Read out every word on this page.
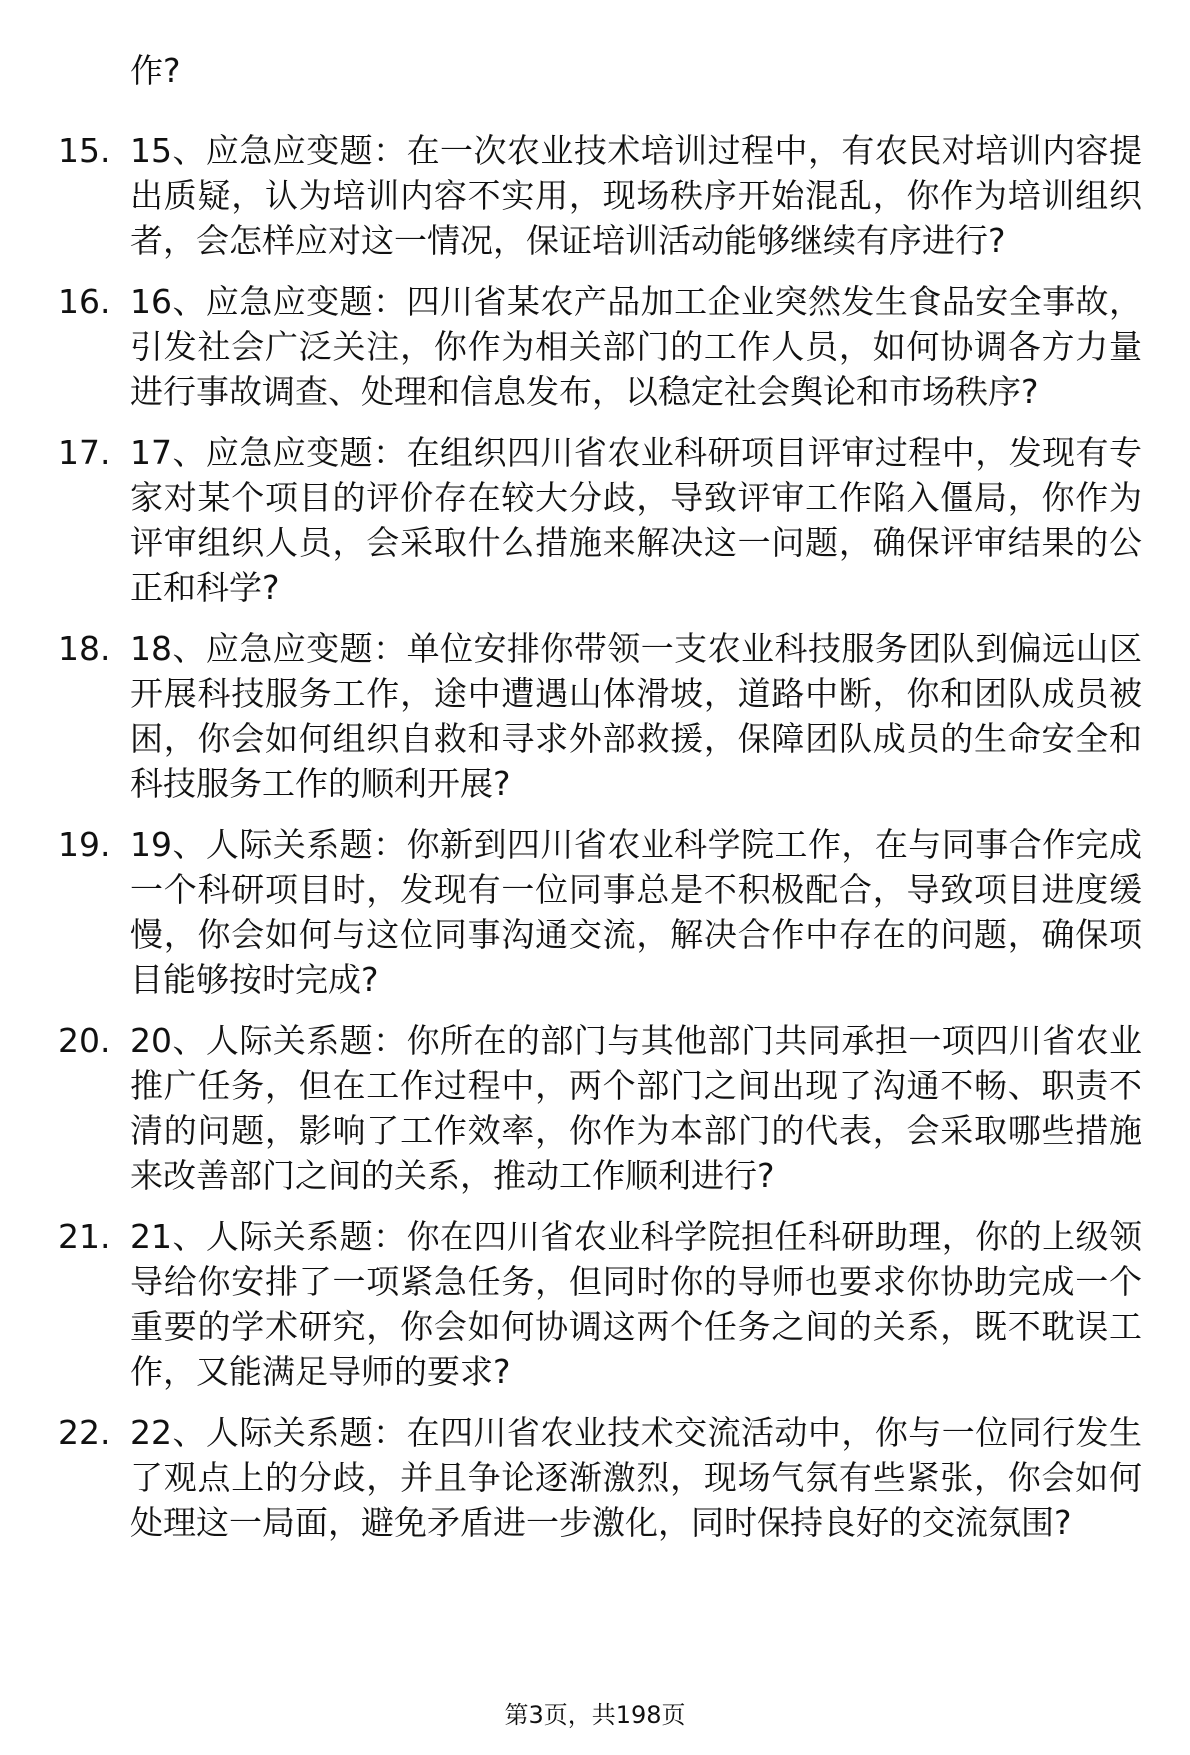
作?

15. 15、应急应变题：在一次农业技术培训过程中，有农民对培训内容提出质疑，认为培训内容不实用，现场秩序开始混乱，你作为培训组织者，会怎样应对这一情况，保证培训活动能够继续有序进行?

16. 16、应急应变题：四川省某农产品加工企业突然发生食品安全事故，引发社会广泛关注，你作为相关部门的工作人员，如何协调各方力量进行事故调查、处理和信息发布，以稳定社会舆论和市场秩序?

17. 17、应急应变题：在组织四川省农业科研项目评审过程中，发现有专家对某个项目的评价存在较大分歧，导致评审工作陷入僵局，你作为评审组织人员，会采取什么措施来解决这一问题，确保评审结果的公正和科学?

18. 18、应急应变题：单位安排你带领一支农业科技服务团队到偏远山区开展科技服务工作，途中遭遇山体滑坡，道路中断，你和团队成员被困，你会如何组织自救和寻求外部救援，保障团队成员的生命安全和科技服务工作的顺利开展?

19. 19、人际关系题：你新到四川省农业科学院工作，在与同事合作完成一个科研项目时，发现有一位同事总是不积极配合，导致项目进度缓慢，你会如何与这位同事沟通交流，解决合作中存在的问题，确保项目能够按时完成?

20. 20、人际关系题：你所在的部门与其他部门共同承担一项四川省农业推广任务，但在工作过程中，两个部门之间出现了沟通不畅、职责不清的问题，影响了工作效率，你作为本部门的代表，会采取哪些措施来改善部门之间的关系，推动工作顺利进行?

21. 21、人际关系题：你在四川省农业科学院担任科研助理，你的上级领导给你安排了一项紧急任务，但同时你的导师也要求你协助完成一个重要的学术研究，你会如何协调这两个任务之间的关系，既不耽误工作，又能满足导师的要求?

22. 22、人际关系题：在四川省农业技术交流活动中，你与一位同行发生了观点上的分歧，并且争论逐渐激烈，现场气氛有些紧张，你会如何处理这一局面，避免矛盾进一步激化，同时保持良好的交流氛围?

第3页，共198页
